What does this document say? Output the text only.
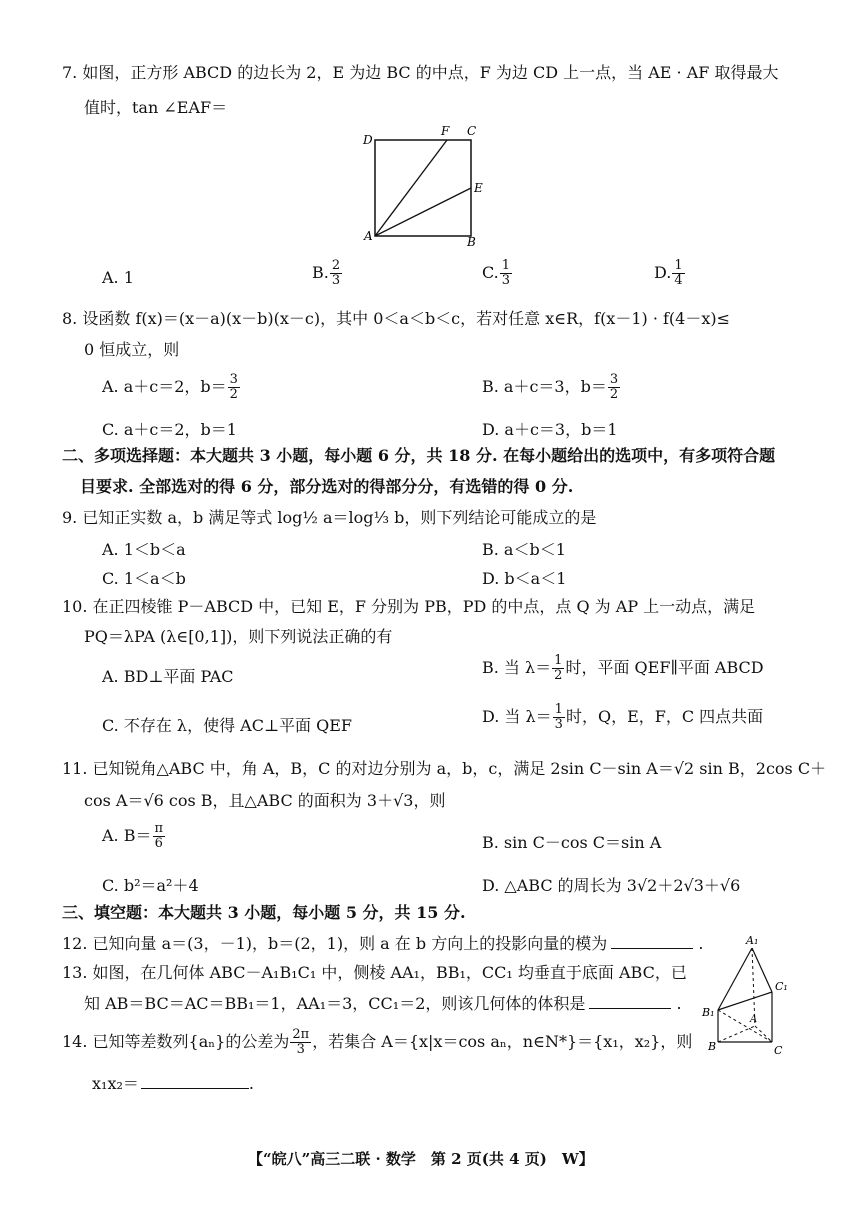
7. 如图，正方形 ABCD 的边长为 2，E 为边 BC 的中点，F 为边 CD 上一点，当 AE · AF 取得最大
值时，tan ∠EAF＝
D
F C
E
A	B
A. 1	B. $\frac{2}{3}$	C. $\frac{1}{3}$	D. $\frac{1}{4}$
8. 设函数 f(x)＝(x－a)(x－b)(x－c)，其中 0＜a＜b＜c，若对任意 x∈R，f(x－1) · f(4－x)≤
0 恒成立，则
A. a＋c＝2，$b= \frac{3}{2}$	B. a＋c＝3，$b= \frac{3}{2}$
C. a＋c＝2，b＝1	D. a＋c＝3，b＝1
二、多项选择题：本大题共 3 小题，每小题 6 分，共 18 分. 在每小题给出的选项中，有多项符合题
目要求. 全部选对的得 6 分，部分选对的得部分分，有选错的得 0 分.
9. 已知正实数 a，b 满足等式 log½ a＝log⅓ b，则下列结论可能成立的是
A. 1＜b＜a	B. a＜b＜1
C. 1＜a＜b	D. b＜a＜1
10. 在正四棱锥 P－ABCD 中，已知 E，F 分别为 PB，PD 的中点，点 Q 为 AP 上一动点，满足
PQ＝λPA (λ∈[0,1])，则下列说法正确的有
A. BD⊥平面 PAC	B. 当 $\lambda= \frac{1}{2}$ 时，平面 QEF∥平面 ABCD
C. 不存在 λ，使得 AC⊥平面 QEF	D. 当 $\lambda= \frac{1}{3}$ 时，Q，E，F，C 四点共面
11. 已知锐角△ABC 中，角 A，B，C 的对边分别为 a，b，c，满足 2sin C－sin A＝√2 sin B，2cos C＋
cos A＝√6 cos B，且△ABC 的面积为 3＋√3，则
A. $B= \frac{\pi}{6}$	B. sin C－cos C＝sin A
C. b²＝a²＋4	D. △ABC 的周长为 3√2＋2√3＋√6
三、填空题：本大题共 3 小题，每小题 5 分，共 15 分.
12. 已知向量 a＝(3，－1)，b＝(2，1)，则 a 在 b 方向上的投影向量的模为	.
13. 如图，在几何体 ABC－A₁B₁C₁ 中，侧棱 AA₁，BB₁，CC₁ 均垂直于底面 ABC，已
知 AB＝BC＝AC＝BB₁＝1，AA₁＝3，CC₁＝2，则该几何体的体积是	.
A₁
C₁
B₁
A
B	C
14. 已知等差数列{aₙ}的公差为 $\frac{2\pi}{3}$ ，若集合 A＝{x|x＝cos aₙ，n∈N*}＝{x₁，x₂}，则
x₁x₂＝	.
【“皖八”高三二联 · 数学　第 2 页(共 4 页)　W】
